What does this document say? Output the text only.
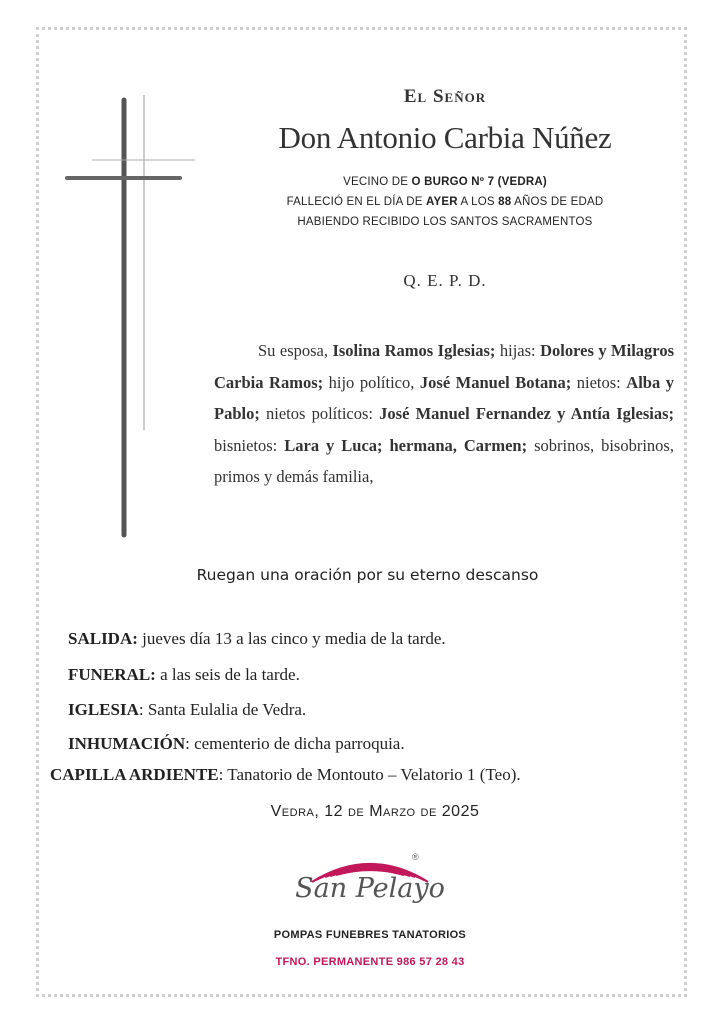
El Señor
Don Antonio Carbia Núñez
VECINO DE O BURGO Nº 7 (VEDRA)
FALLECIÓ EN EL DÍA DE AYER A LOS 88 AÑOS DE EDAD
HABIENDO RECIBIDO LOS SANTOS SACRAMENTOS
Q. E. P. D.
Su esposa, Isolina Ramos Iglesias; hijas: Dolores y Milagros Carbia Ramos; hijo político, José Manuel Botana; nietos: Alba y Pablo; nietos políticos: José Manuel Fernandez y Antía Iglesias; bisnietos: Lara y Luca; hermana, Carmen; sobrinos, bisobrinos, primos y demás familia,
Ruegan una oración por su eterno descanso
SALIDA: jueves día 13 a las cinco y media de la tarde.
FUNERAL: a las seis de la tarde.
IGLESIA: Santa Eulalia de Vedra.
INHUMACIÓN: cementerio de dicha parroquia.
CAPILLA ARDIENTE: Tanatorio de Montouto – Velatorio 1 (Teo).
Vedra, 12 de Marzo de 2025
®
San Pelayo
POMPAS FUNEBRES TANATORIOS
TFNO. PERMANENTE 986 57 28 43
